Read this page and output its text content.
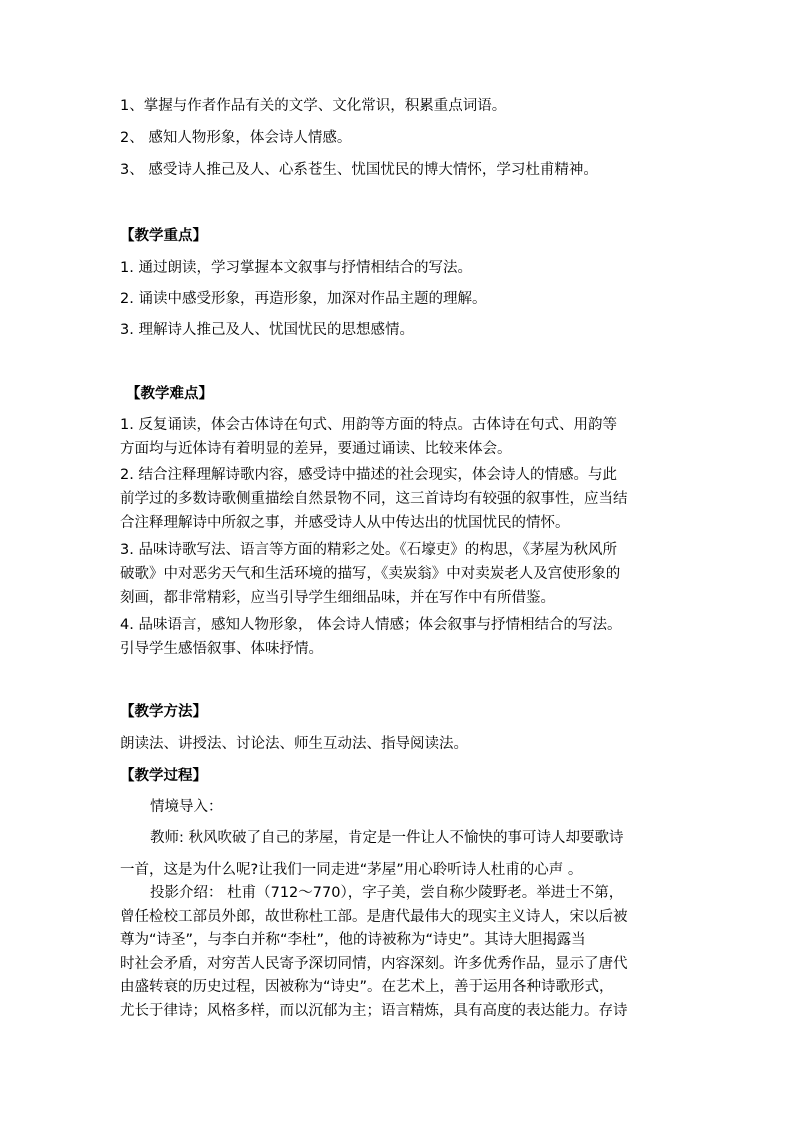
1、掌握与作者作品有关的文学、文化常识，积累重点词语。
2、 感知人物形象，体会诗人情感。
3、 感受诗人推己及人、心系苍生、忧国忧民的博大情怀，学习杜甫精神。
【教学重点】
1. 通过朗读，学习掌握本文叙事与抒情相结合的写法。
2. 诵读中感受形象，再造形象，加深对作品主题的理解。
3. 理解诗人推己及人、忧国忧民的思想感情。
【教学难点】
1. 反复诵读，体会古体诗在句式、用韵等方面的特点。古体诗在句式、用韵等
方面均与近体诗有着明显的差异，要通过诵读、比较来体会。
2. 结合注释理解诗歌内容，感受诗中描述的社会现实，体会诗人的情感。与此
前学过的多数诗歌侧重描绘自然景物不同，这三首诗均有较强的叙事性，应当结
合注释理解诗中所叙之事，并感受诗人从中传达出的忧国忧民的情怀。
3. 品味诗歌写法、语言等方面的精彩之处。《石壕吏》的构思，《茅屋为秋风所
破歌》中对恶劣天气和生活环境的描写，《卖炭翁》中对卖炭老人及宫使形象的
刻画，都非常精彩，应当引导学生细细品味，并在写作中有所借鉴。
4. 品味语言，感知人物形象， 体会诗人情感；体会叙事与抒情相结合的写法。
引导学生感悟叙事、体味抒情。
【教学方法】
朗读法、讲授法、讨论法、师生互动法、指导阅读法。
【教学过程】
情境导入：
教师: 秋风吹破了自己的茅屋，肯定是一件让人不愉快的事可诗人却要歌诗
一首，这是为什么呢?让我们一同走进“茅屋”用心聆听诗人杜甫的心声 。
投影介绍： 杜甫（712～770），字子美，尝自称少陵野老。举进士不第，
曾任检校工部员外郎，故世称杜工部。是唐代最伟大的现实主义诗人，宋以后被
尊为“诗圣”，与李白并称“李杜”，他的诗被称为“诗史”。其诗大胆揭露当
时社会矛盾，对穷苦人民寄予深切同情，内容深刻。许多优秀作品，显示了唐代
由盛转衰的历史过程，因被称为“诗史”。在艺术上，善于运用各种诗歌形式，
尤长于律诗；风格多样，而以沉郁为主；语言精炼，具有高度的表达能力。存诗
